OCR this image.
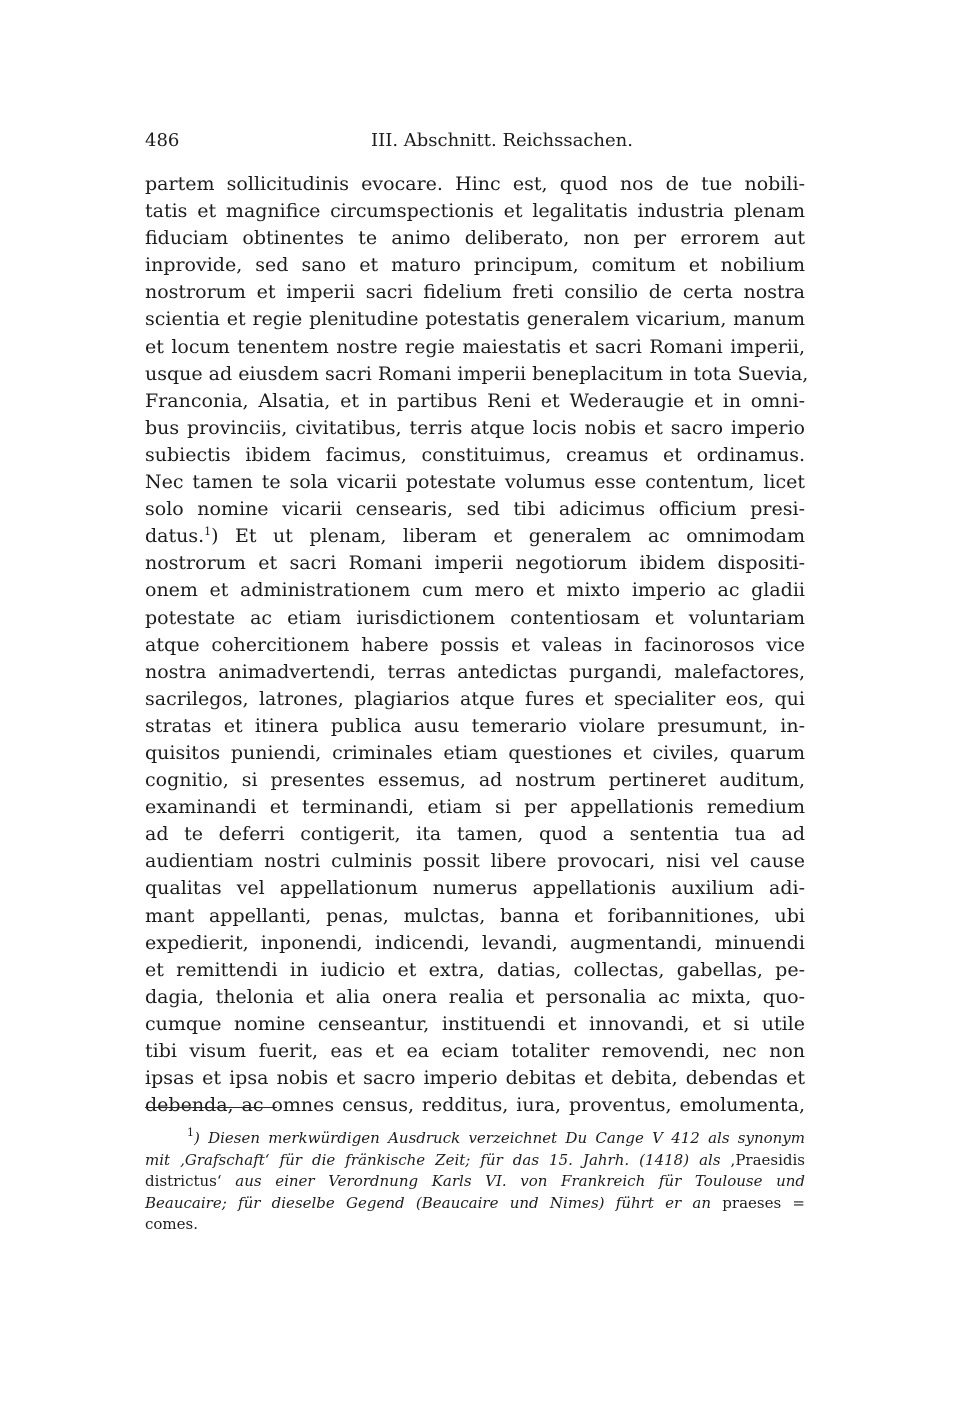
486	III. Abschnitt. Reichssachen.
partem sollicitudinis evocare. Hinc est, quod nos de tue nobili-
tatis et magnifice circumspectionis et legalitatis industria plenam
fiduciam obtinentes te animo deliberato, non per errorem aut
inprovide, sed sano et maturo principum, comitum et nobilium
nostrorum et imperii sacri fidelium freti consilio de certa nostra
scientia et regie plenitudine potestatis generalem vicarium, manum
et locum tenentem nostre regie maiestatis et sacri Romani imperii,
usque ad eiusdem sacri Romani imperii beneplacitum in tota Suevia,
Franconia, Alsatia, et in partibus Reni et Wederaugie et in omni-
bus provinciis, civitatibus, terris atque locis nobis et sacro imperio
subiectis ibidem facimus, constituimus, creamus et ordinamus.
Nec tamen te sola vicarii potestate volumus esse contentum, licet
solo nomine vicarii censearis, sed tibi adicimus officium presi-
datus.$^1$) Et ut plenam, liberam et generalem ac omnimodam
nostrorum et sacri Romani imperii negotiorum ibidem dispositi-
onem et administrationem cum mero et mixto imperio ac gladii
potestate ac etiam iurisdictionem contentiosam et voluntariam
atque cohercitionem habere possis et valeas in facinorosos vice
nostra animadvertendi, terras antedictas purgandi, malefactores,
sacrilegos, latrones, plagiarios atque fures et specialiter eos, qui
stratas et itinera publica ausu temerario violare presumunt, in-
quisitos puniendi, criminales etiam questiones et civiles, quarum
cognitio, si presentes essemus, ad nostrum pertineret auditum,
examinandi et terminandi, etiam si per appellationis remedium
ad te deferri contigerit, ita tamen, quod a sententia tua ad
audientiam nostri culminis possit libere provocari, nisi vel cause
qualitas vel appellationum numerus appellationis auxilium adi-
mant appellanti, penas, mulctas, banna et foribannitiones, ubi
expedierit, inponendi, indicendi, levandi, augmentandi, minuendi
et remittendi in iudicio et extra, datias, collectas, gabellas, pe-
dagia, thelonia et alia onera realia et personalia ac mixta, quo-
cumque nomine censeantur, instituendi et innovandi, et si utile
tibi visum fuerit, eas et ea eciam totaliter removendi, nec non
ipsas et ipsa nobis et sacro imperio debitas et debita, debendas et
debenda, ac omnes census, redditus, iura, proventus, emolumenta,
$^1$) Diesen merkwürdigen Ausdruck verzeichnet Du Cange V 412 als synonym
mit ,Grafschaft‘ für die fränkische Zeit; für das 15. Jahrh. (1418) als ,Praesidis
districtus‘ aus einer Verordnung Karls VI. von Frankreich für Toulouse und
Beaucaire; für dieselbe Gegend (Beaucaire und Nimes) führt er an praeses =
comes.
